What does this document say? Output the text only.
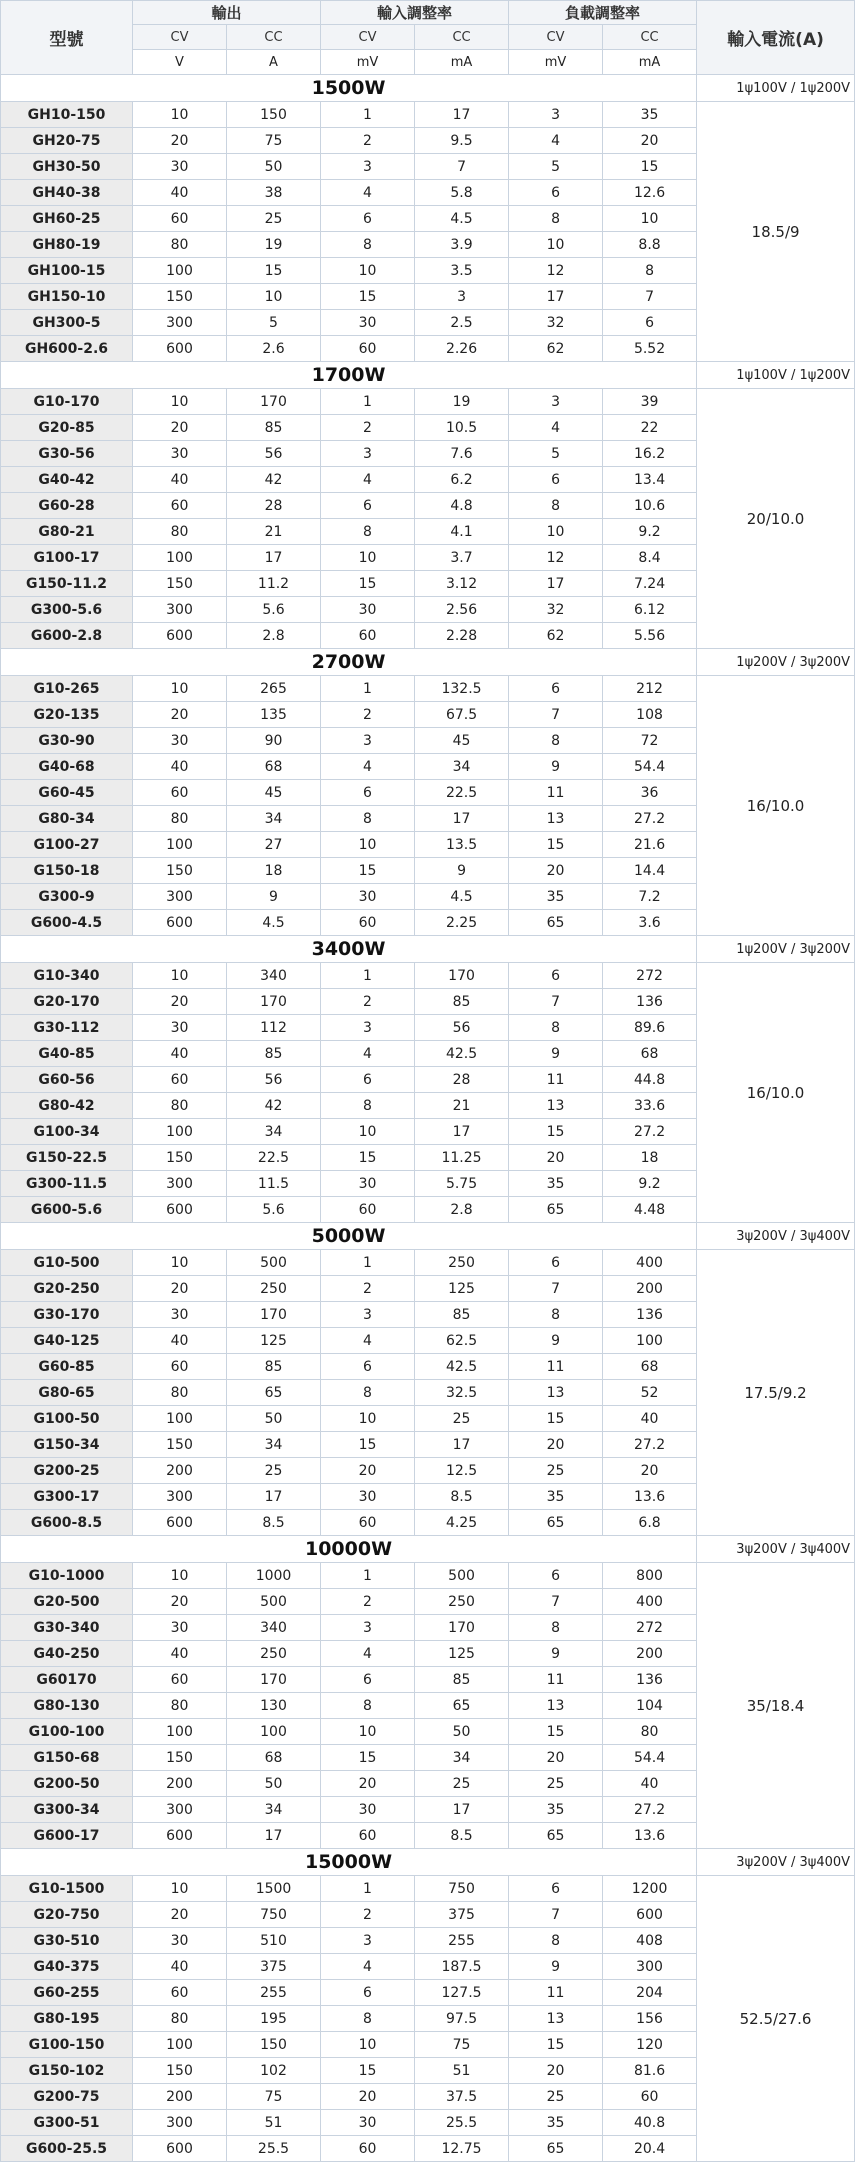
型號	輸出		輸入調整率		負載調整率		輸入電流(A)
	CV	CC	CV	CC	CV	CC	
	V	A	mV	mA	mV	mA	
1500W							1ψ100V / 1ψ200V
GH10-150	10	150	1	17	3	35	18.5/9
GH20-75	20	75	2	9.5	4	20	
GH30-50	30	50	3	7	5	15	
GH40-38	40	38	4	5.8	6	12.6	
GH60-25	60	25	6	4.5	8	10	
GH80-19	80	19	8	3.9	10	8.8	
GH100-15	100	15	10	3.5	12	8	
GH150-10	150	10	15	3	17	7	
GH300-5	300	5	30	2.5	32	6	
GH600-2.6	600	2.6	60	2.26	62	5.52	
1700W							1ψ100V / 1ψ200V
G10-170	10	170	1	19	3	39	20/10.0
G20-85	20	85	2	10.5	4	22	
G30-56	30	56	3	7.6	5	16.2	
G40-42	40	42	4	6.2	6	13.4	
G60-28	60	28	6	4.8	8	10.6	
G80-21	80	21	8	4.1	10	9.2	
G100-17	100	17	10	3.7	12	8.4	
G150-11.2	150	11.2	15	3.12	17	7.24	
G300-5.6	300	5.6	30	2.56	32	6.12	
G600-2.8	600	2.8	60	2.28	62	5.56	
2700W							1ψ200V / 3ψ200V
G10-265	10	265	1	132.5	6	212	16/10.0
G20-135	20	135	2	67.5	7	108	
G30-90	30	90	3	45	8	72	
G40-68	40	68	4	34	9	54.4	
G60-45	60	45	6	22.5	11	36	
G80-34	80	34	8	17	13	27.2	
G100-27	100	27	10	13.5	15	21.6	
G150-18	150	18	15	9	20	14.4	
G300-9	300	9	30	4.5	35	7.2	
G600-4.5	600	4.5	60	2.25	65	3.6	
3400W							1ψ200V / 3ψ200V
G10-340	10	340	1	170	6	272	16/10.0
G20-170	20	170	2	85	7	136	
G30-112	30	112	3	56	8	89.6	
G40-85	40	85	4	42.5	9	68	
G60-56	60	56	6	28	11	44.8	
G80-42	80	42	8	21	13	33.6	
G100-34	100	34	10	17	15	27.2	
G150-22.5	150	22.5	15	11.25	20	18	
G300-11.5	300	11.5	30	5.75	35	9.2	
G600-5.6	600	5.6	60	2.8	65	4.48	
5000W							3ψ200V / 3ψ400V
G10-500	10	500	1	250	6	400	17.5/9.2
G20-250	20	250	2	125	7	200	
G30-170	30	170	3	85	8	136	
G40-125	40	125	4	62.5	9	100	
G60-85	60	85	6	42.5	11	68	
G80-65	80	65	8	32.5	13	52	
G100-50	100	50	10	25	15	40	
G150-34	150	34	15	17	20	27.2	
G200-25	200	25	20	12.5	25	20	
G300-17	300	17	30	8.5	35	13.6	
G600-8.5	600	8.5	60	4.25	65	6.8	
10000W							3ψ200V / 3ψ400V
G10-1000	10	1000	1	500	6	800	35/18.4
G20-500	20	500	2	250	7	400	
G30-340	30	340	3	170	8	272	
G40-250	40	250	4	125	9	200	
G60170	60	170	6	85	11	136	
G80-130	80	130	8	65	13	104	
G100-100	100	100	10	50	15	80	
G150-68	150	68	15	34	20	54.4	
G200-50	200	50	20	25	25	40	
G300-34	300	34	30	17	35	27.2	
G600-17	600	17	60	8.5	65	13.6	
15000W							3ψ200V / 3ψ400V
G10-1500	10	1500	1	750	6	1200	52.5/27.6
G20-750	20	750	2	375	7	600	
G30-510	30	510	3	255	8	408	
G40-375	40	375	4	187.5	9	300	
G60-255	60	255	6	127.5	11	204	
G80-195	80	195	8	97.5	13	156	
G100-150	100	150	10	75	15	120	
G150-102	150	102	15	51	20	81.6	
G200-75	200	75	20	37.5	25	60	
G300-51	300	51	30	25.5	35	40.8	
G600-25.5	600	25.5	60	12.75	65	20.4	
